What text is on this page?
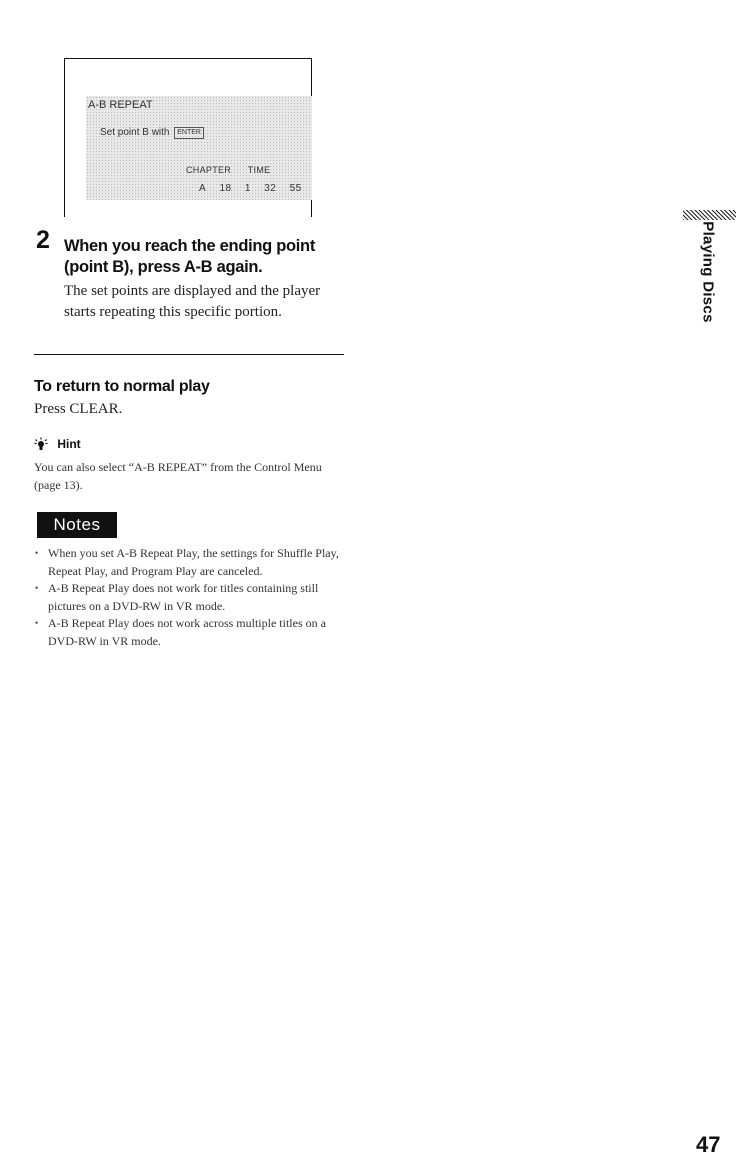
A-B REPEAT
Set point B with ENTER
CHAPTER TIME
A 18 1 32 55
2 When you reach the ending point (point B), press A-B again.
The set points are displayed and the player starts repeating this specific portion.
To return to normal play
Press CLEAR.
Hint
You can also select “A-B REPEAT” from the Control Menu (page 13).
Notes
• When you set A-B Repeat Play, the settings for Shuffle Play, Repeat Play, and Program Play are canceled.
• A-B Repeat Play does not work for titles containing still pictures on a DVD-RW in VR mode.
• A-B Repeat Play does not work across multiple titles on a DVD-RW in VR mode.
Playing Discs
47
